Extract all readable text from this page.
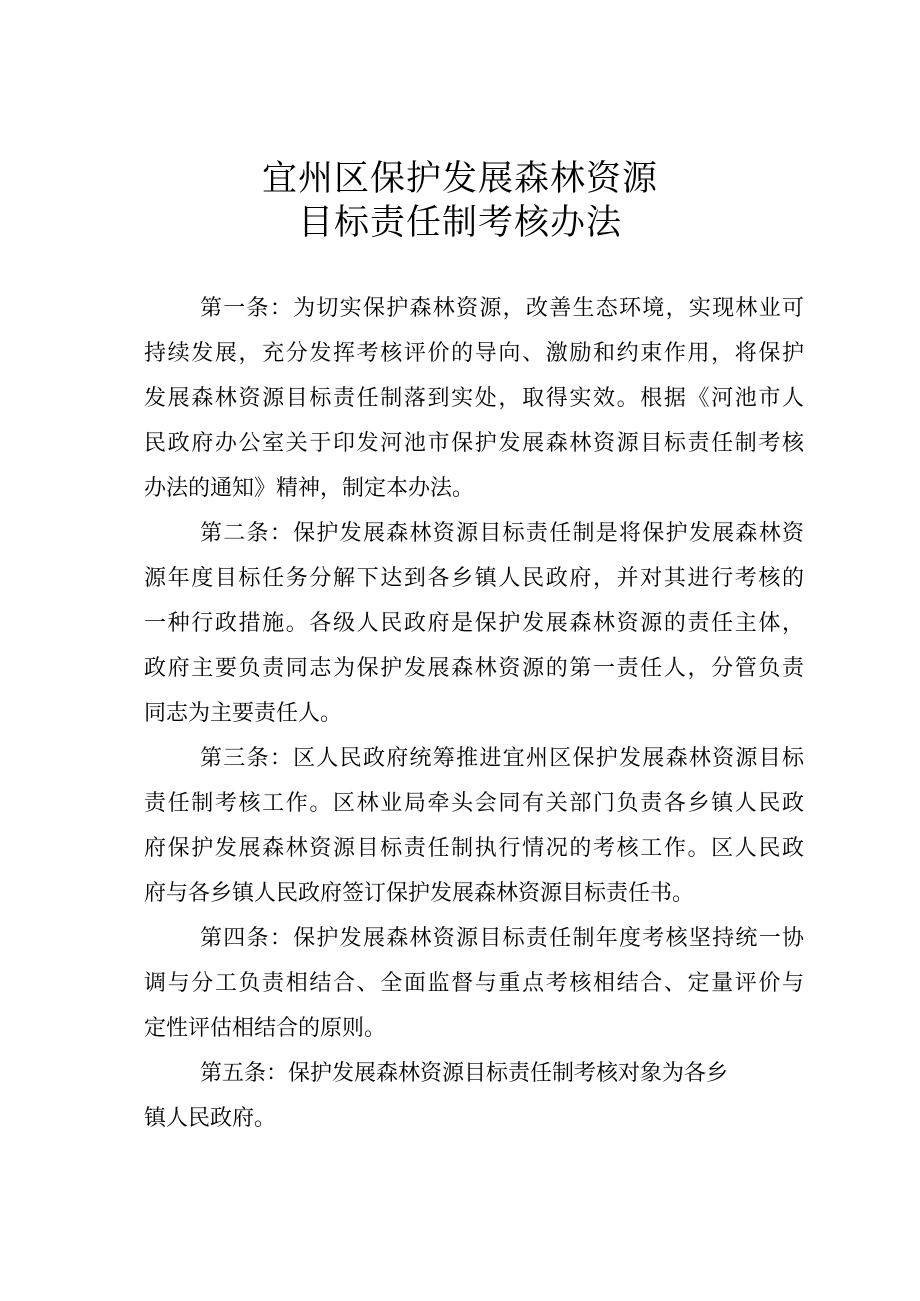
宜州区保护发展森林资源
目标责任制考核办法
第一条：为切实保护森林资源，改善生态环境，实现林业可
持续发展，充分发挥考核评价的导向、激励和约束作用，将保护
发展森林资源目标责任制落到实处，取得实效。根据《河池市人
民政府办公室关于印发河池市保护发展森林资源目标责任制考核
办法的通知》精神，制定本办法。
第二条：保护发展森林资源目标责任制是将保护发展森林资
源年度目标任务分解下达到各乡镇人民政府，并对其进行考核的
一种行政措施。各级人民政府是保护发展森林资源的责任主体，
政府主要负责同志为保护发展森林资源的第一责任人，分管负责
同志为主要责任人。
第三条：区人民政府统筹推进宜州区保护发展森林资源目标
责任制考核工作。区林业局牵头会同有关部门负责各乡镇人民政
府保护发展森林资源目标责任制执行情况的考核工作。区人民政
府与各乡镇人民政府签订保护发展森林资源目标责任书。
第四条：保护发展森林资源目标责任制年度考核坚持统一协
调与分工负责相结合、全面监督与重点考核相结合、定量评价与
定性评估相结合的原则。
第五条：保护发展森林资源目标责任制考核对象为各乡
镇人民政府。
